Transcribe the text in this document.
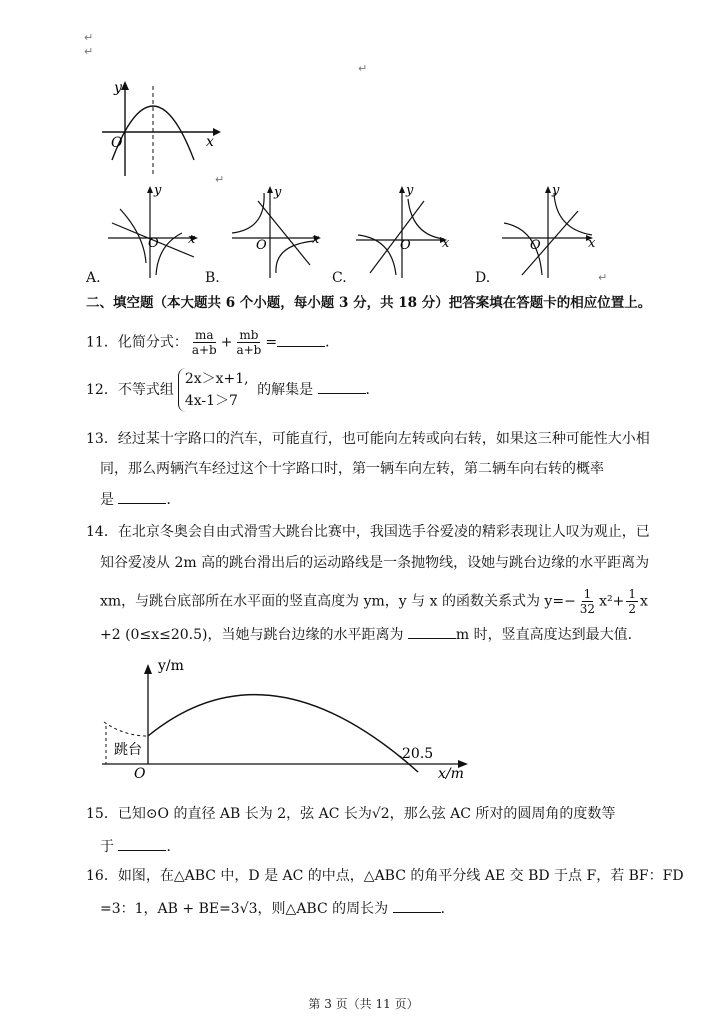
↵
↵
↵
↵
y
x
O
y
x
O
y
x
O
y
x
O
y
x
O
A.	B.	C.	D.	↵
二、填空题（本大题共 6 个小题，每小题 3 分，共 18 分）把答案填在答题卡的相应位置上。
11．化简分式： $\frac{ma}{a+b} + \frac{mb}{a+b}$ =	．
12．不等式组
2x＞x+1,
4x-1＞7
的解集是	．
13．经过某十字路口的汽车，可能直行，也可能向左转或向右转，如果这三种可能性大小相
同，那么两辆汽车经过这个十字路口时，第一辆车向左转，第二辆车向右转的概率
是	．
14．在北京冬奥会自由式滑雪大跳台比赛中，我国选手谷爱凌的精彩表现让人叹为观止，已
知谷爱凌从 2m 高的跳台滑出后的运动路线是一条抛物线，设她与跳台边缘的水平距离为
xm，与跳台底部所在水平面的竖直高度为 ym，y 与 x 的函数关系式为 $y=- \frac{1}{32} x^2+ \frac{1}{2}$ x
+2 (0≤x≤20.5)，当她与跳台边缘的水平距离为	m 时，竖直高度达到最大值．
y/m
x/m
O
跳台	20.5
15．已知⊙O 的直径 AB 长为 2，弦 AC 长为√2，那么弦 AC 所对的圆周角的度数等
于	．
16．如图，在△ABC 中，D 是 AC 的中点，△ABC 的角平分线 AE 交 BD 于点 F，若 BF：FD
=3：1，AB + BE=3√3，则△ABC 的周长为	．
第 3 页（共 11 页）
